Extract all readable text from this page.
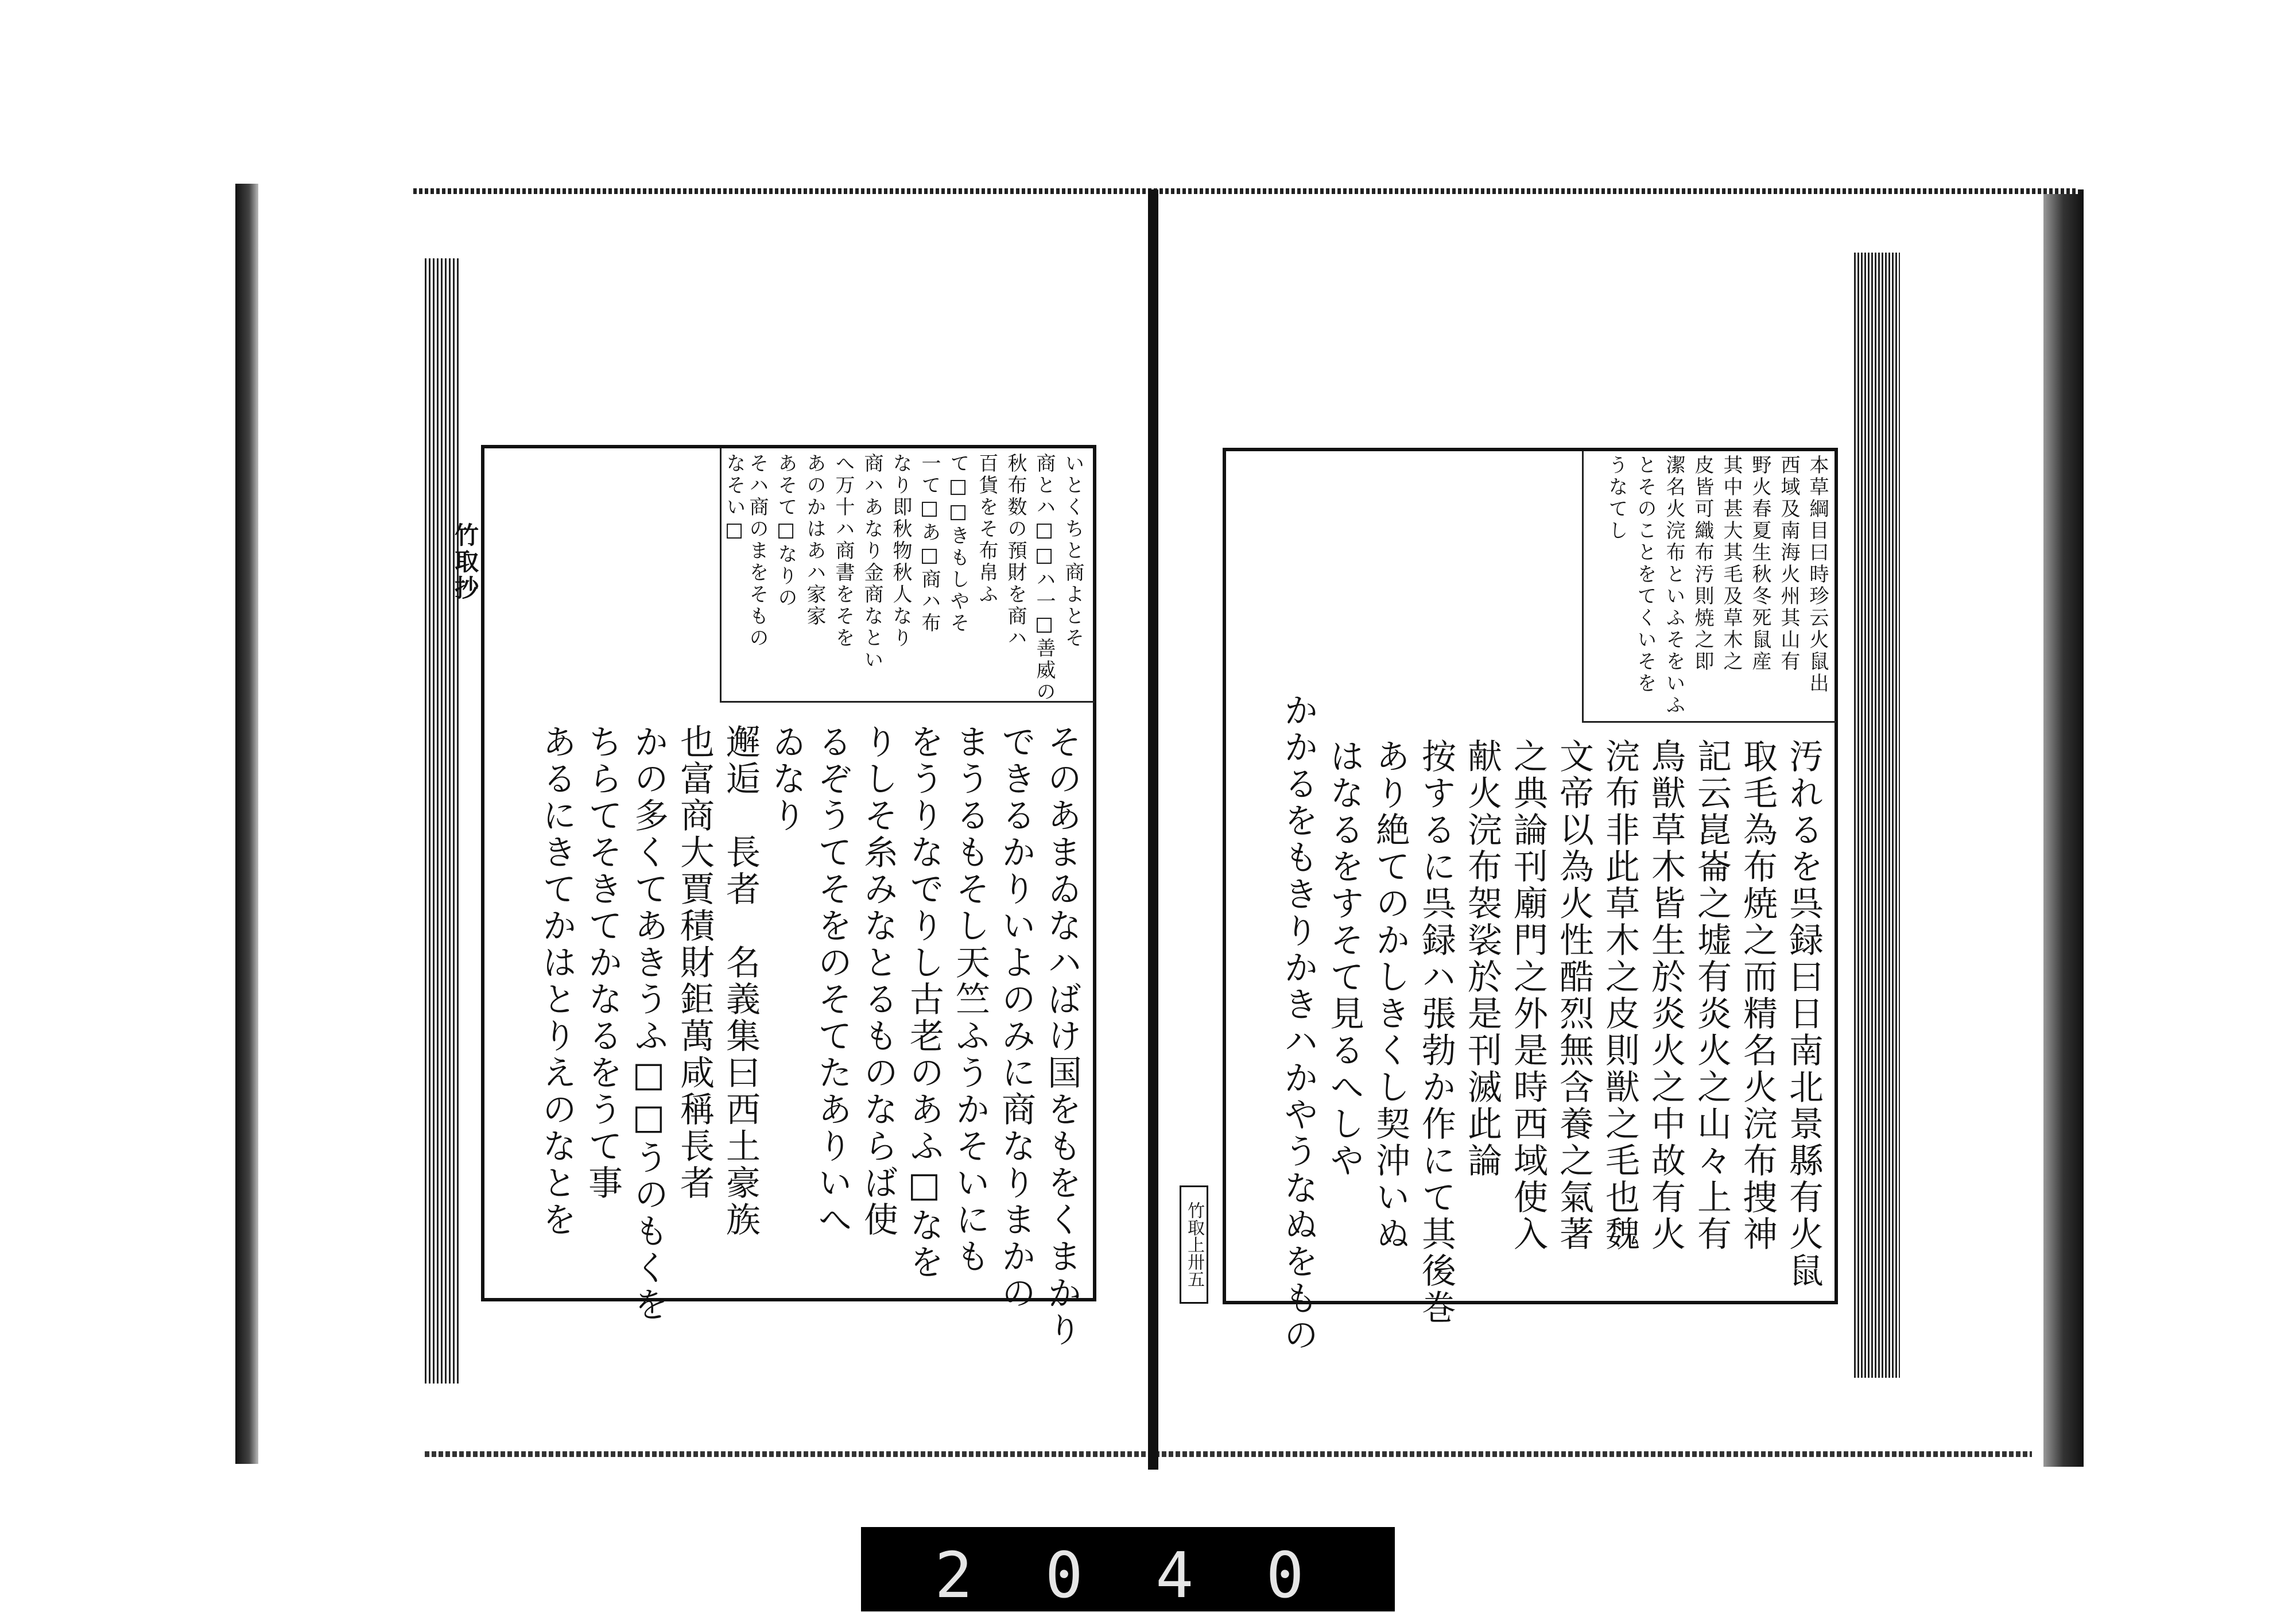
竹取抄	いとくちと商よとそ
商とハ□□ハ一□善威の
秋布数の預財を商ハ
百貨をそ布帛ふ
て□□きもしやそ
一て□あ□商ハ布
なり即秋物秋人なり
商ハあなり金商なとい
へ万十ハ商書をそを
あのかはあハ家家
あそて□なりの
そハ商のまをそもの
なそい□
そのあまゐなハばけ国をもをくまかり
できるかりいよのみに商なりまかの
まうるもそし天竺ふうかそいにも
をうりなでりし古老のあふ□なを
りしそ糸みなとるものならば使
るぞうてそをのそてたありいへ
ゐなり
邂逅　長者　名義集曰西土豪族
也富商大賈積財鉅萬咸稱長者
かの多くてあきうふ□□うのもくを
ちらてそきてかなるをうて事
あるにきてかはとりえのなとを
本草綱目曰時珍云火鼠出
西域及南海火州其山有
野火春夏生秋冬死鼠産
其中甚大其毛及草木之
皮皆可織布汚則焼之即
潔名火浣布といふそをいふ
とそのことをてくいそを
うなてし
汚れるを呉録曰日南北景縣有火鼠
取毛為布焼之而精名火浣布捜神
記云崑崙之墟有炎火之山々上有
鳥獣草木皆生於炎火之中故有火
浣布非此草木之皮則獣之毛也魏
文帝以為火性酷烈無含養之氣著
之典論刊廟門之外是時西域使入
献火浣布袈裟於是刊滅此論
按するに呉録ハ張勃か作にて其後巻
あり絶てのかしきくし契沖いぬ
はなるをすそて見るへしや
かかるをもきりかきハかやうなぬをもの
竹取上卅五
2 0 4 0
